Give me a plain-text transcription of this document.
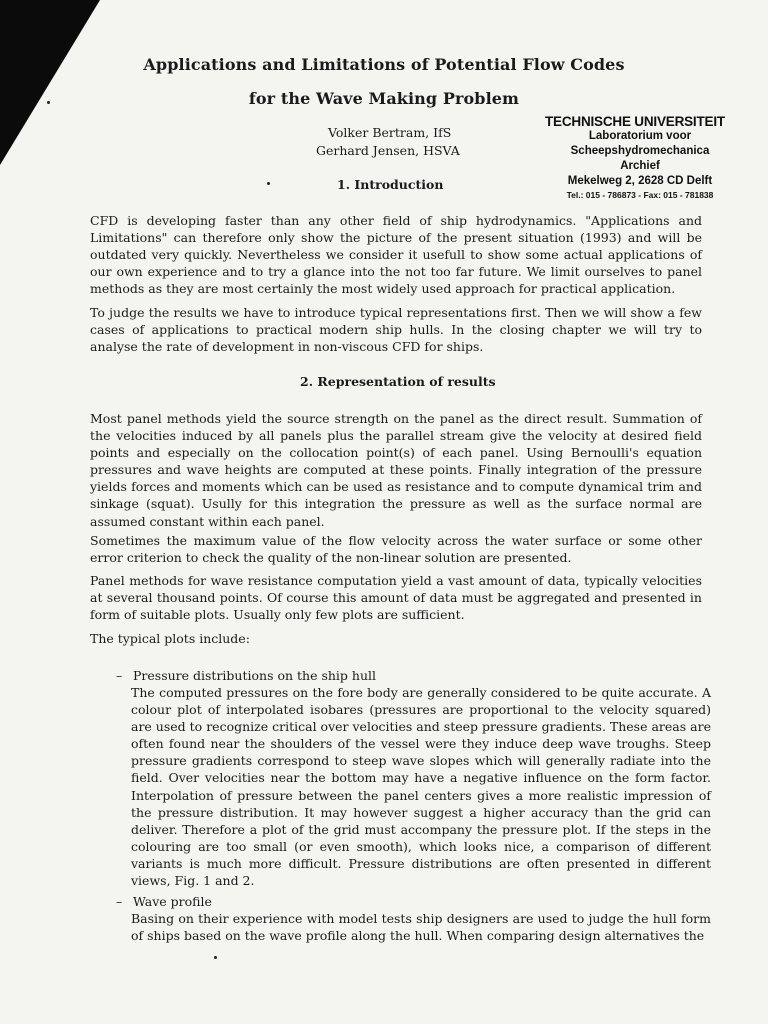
Applications and Limitations of Potential Flow Codes
for the Wave Making Problem
Volker Bertram, IfS
Gerhard Jensen, HSVA
TECHNISCHE UNIVERSITEIT
Laboratorium voor
Scheepshydromechanica
Archief
Mekelweg 2, 2628 CD Delft
Tel.: 015 - 786873 - Fax: 015 - 781838
1. Introduction
CFD is developing faster than any other field of ship hydrodynamics. "Applications and Limitations" can therefore only show the picture of the present situation (1993) and will be outdated very quickly. Nevertheless we consider it usefull to show some actual applications of our own experience and to try a glance into the not too far future. We limit ourselves to panel methods as they are most certainly the most widely used approach for practical application.
To judge the results we have to introduce typical representations first. Then we will show a few cases of applications to practical modern ship hulls. In the closing chapter we will try to analyse the rate of development in non-viscous CFD for ships.
2. Representation of results
Most panel methods yield the source strength on the panel as the direct result. Summation of the velocities induced by all panels plus the parallel stream give the velocity at desired field points and especially on the collocation point(s) of each panel. Using Bernoulli's equation pressures and wave heights are computed at these points. Finally integration of the pressure yields forces and moments which can be used as resistance and to compute dynamical trim and sinkage (squat). Usully for this integration the pressure as well as the surface normal are assumed constant within each panel.
Sometimes the maximum value of the flow velocity across the water surface or some other error criterion to check the quality of the non-linear solution are presented.
Panel methods for wave resistance computation yield a vast amount of data, typically velocities at several thousand points. Of course this amount of data must be aggregated and presented in form of suitable plots. Usually only few plots are sufficient.
The typical plots include:
– Pressure distributions on the ship hull
The computed pressures on the fore body are generally considered to be quite accurate. A colour plot of interpolated isobares (pressures are proportional to the velocity squared) are used to recognize critical over velocities and steep pressure gradients. These areas are often found near the shoulders of the vessel were they induce deep wave troughs. Steep pressure gradients correspond to steep wave slopes which will generally radiate into the field. Over velocities near the bottom may have a negative influence on the form factor. Interpolation of pressure between the panel centers gives a more realistic impression of the pressure distribution. It may however suggest a higher accuracy than the grid can deliver. Therefore a plot of the grid must accompany the pressure plot. If the steps in the colouring are too small (or even smooth), which looks nice, a comparison of different variants is much more difficult. Pressure distributions are often presented in different views, Fig. 1 and 2.
– Wave profile
Basing on their experience with model tests ship designers are used to judge the hull form of ships based on the wave profile along the hull. When comparing design alternatives the
